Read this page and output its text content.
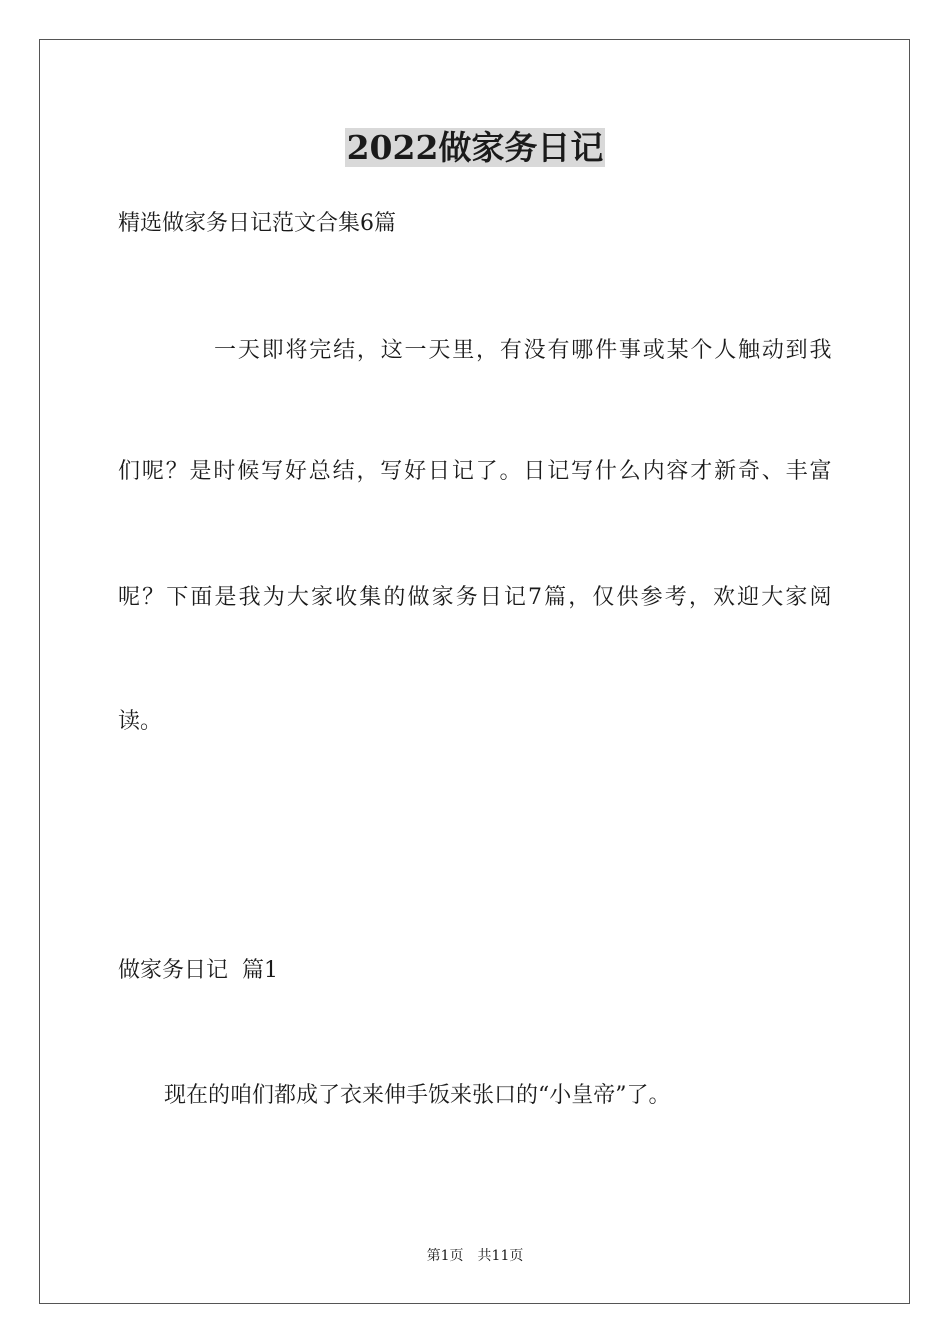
2022做家务日记
精选做家务日记范文合集6篇
一天即将完结，这一天里，有没有哪件事或某个人触动到我
们呢？是时候写好总结，写好日记了。日记写什么内容才新奇、丰富
呢？下面是我为大家收集的做家务日记7篇，仅供参考，欢迎大家阅
读。
做家务日记  篇1
现在的咱们都成了衣来伸手饭来张口的“小皇帝”了。
第1页 共11页
